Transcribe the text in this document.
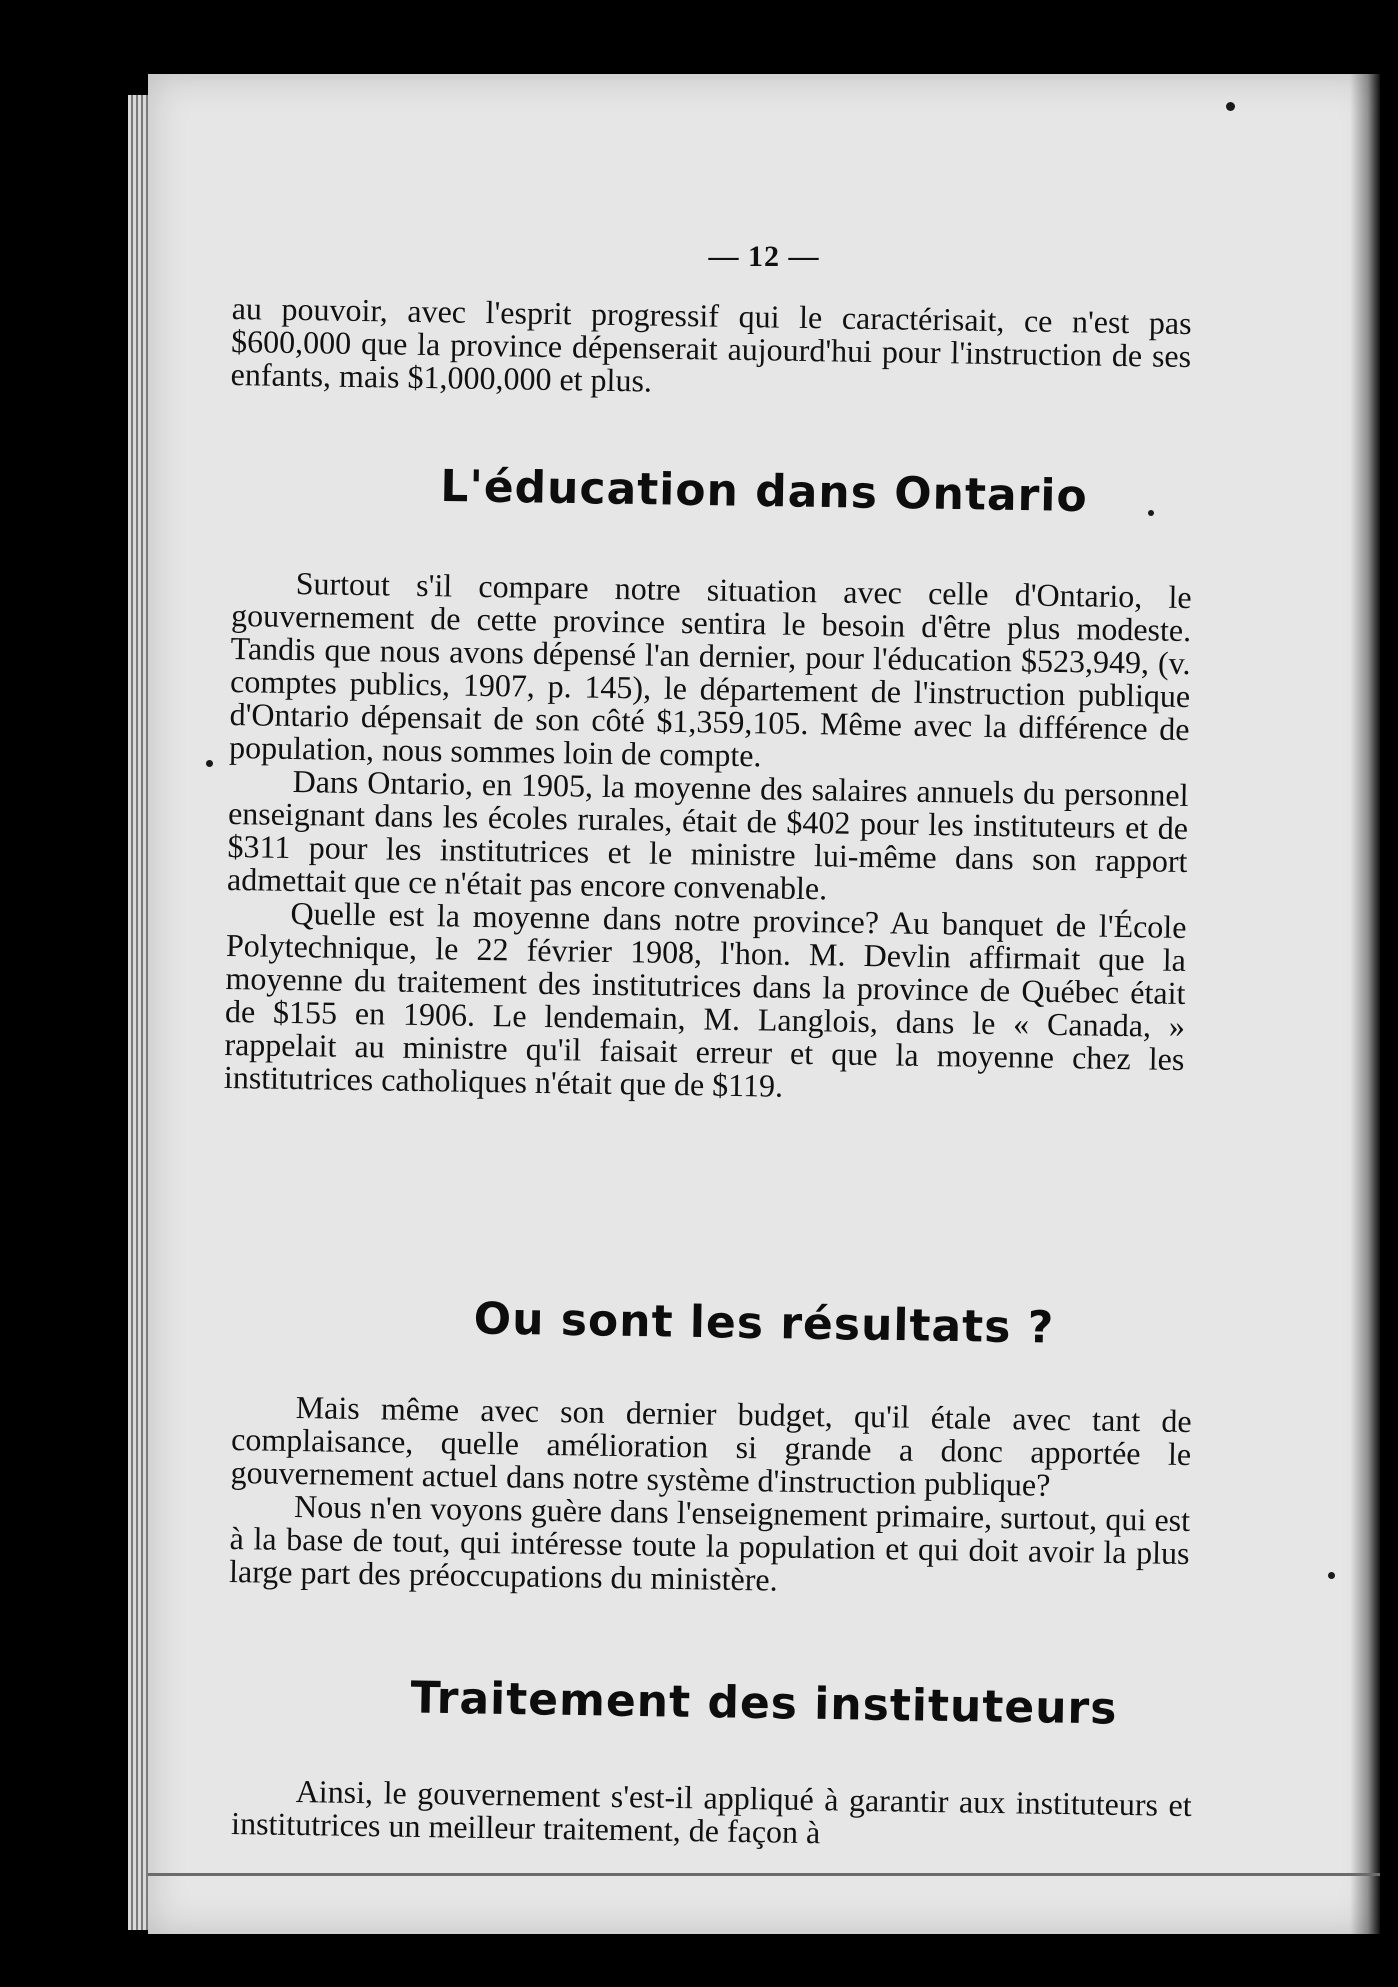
— 12 —

au pouvoir, avec l'esprit progressif qui le caractérisait, ce n'est pas $600,000 que la province dépenserait aujourd'hui pour l'instruction de ses enfants, mais $1,000,000 et plus.

L'éducation dans Ontario

Surtout s'il compare notre situation avec celle d'Ontario, le gouvernement de cette province sentira le besoin d'être plus modeste. Tandis que nous avons dépensé l'an dernier, pour l'éducation $523,949, (v. comptes publics, 1907, p. 145), le département de l'instruction publique d'Ontario dépensait de son côté $1,359,105. Même avec la différence de population, nous sommes loin de compte.

Dans Ontario, en 1905, la moyenne des salaires annuels du personnel enseignant dans les écoles rurales, était de $402 pour les instituteurs et de $311 pour les institutrices et le ministre lui-même dans son rapport admettait que ce n'était pas encore convenable.

Quelle est la moyenne dans notre province? Au banquet de l'École Polytechnique, le 22 février 1908, l'hon. M. Devlin affirmait que la moyenne du traitement des institutrices dans la province de Québec était de $155 en 1906. Le lendemain, M. Langlois, dans le « Canada, » rappelait au ministre qu'il faisait erreur et que la moyenne chez les institutrices catholiques n'était que de $119.

Ou sont les résultats ?

Mais même avec son dernier budget, qu'il étale avec tant de complaisance, quelle amélioration si grande a donc apportée le gouvernement actuel dans notre système d'instruction publique?

Nous n'en voyons guère dans l'enseignement primaire, surtout, qui est à la base de tout, qui intéresse toute la population et qui doit avoir la plus large part des préoccupations du ministère.

Traitement des instituteurs

Ainsi, le gouvernement s'est-il appliqué à garantir aux instituteurs et institutrices un meilleur traitement, de façon à
